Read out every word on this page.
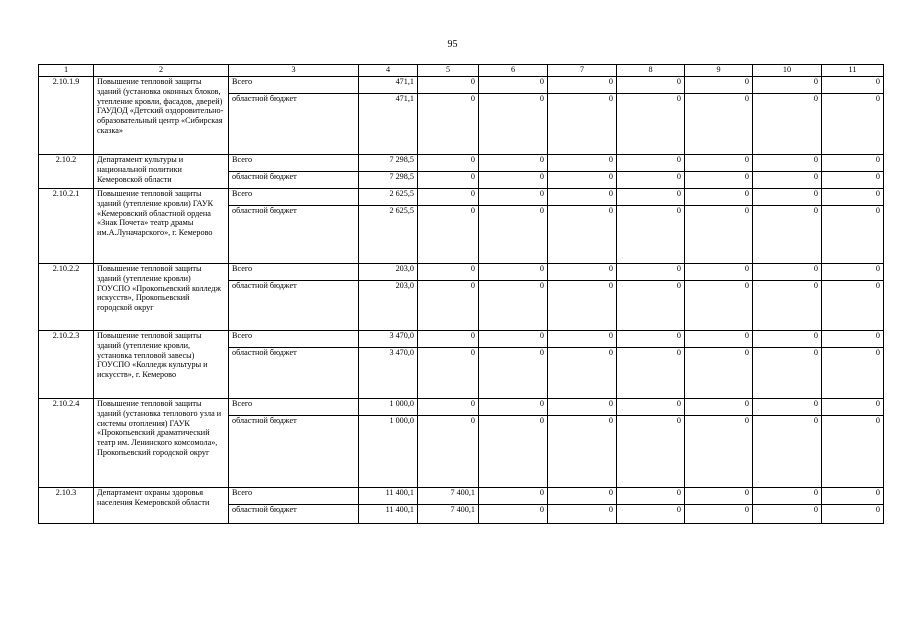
95
1	2	3	4	5	6	7	8	9	10	11
2.10.1.9	Повышение тепловой защиты зданий (установка оконных блоков, утепление кровли, фасадов, дверей) ГАУДОД «Детский оздоровительно-образовательный центр «Сибирская сказка»	Всего	471,1	0	0	0	0	0	0	0
		областной бюджет	471,1	0	0	0	0	0	0	0
2.10.2	Департамент культуры и национальной политики Кемеровской области	Всего	7 298,5	0	0	0	0	0	0	0
		областной бюджет	7 298,5	0	0	0	0	0	0	0
2.10.2.1	Повышение тепловой защиты зданий (утепление кровли) ГАУК «Кемеровский областной ордена «Знак Почета» театр драмы им.А.Луначарского», г. Кемерово	Всего	2 625,5	0	0	0	0	0	0	0
		областной бюджет	2 625,5	0	0	0	0	0	0	0
2.10.2.2	Повышение тепловой защиты зданий (утепление кровли) ГОУСПО «Прокопьевский колледж искусств», Прокопьевский городской округ	Всего	203,0	0	0	0	0	0	0	0
		областной бюджет	203,0	0	0	0	0	0	0	0
2.10.2.3	Повышение тепловой защиты зданий (утепление кровли, установка тепловой завесы) ГОУСПО «Колледж культуры и искусств», г. Кемерово	Всего	3 470,0	0	0	0	0	0	0	0
		областной бюджет	3 470,0	0	0	0	0	0	0	0
2.10.2.4	Повышение тепловой защиты зданий (установка теплового узла и системы отопления) ГАУК «Прокопьевский драматический театр им. Ленинского комсомола», Прокопьевский городской округ	Всего	1 000,0	0	0	0	0	0	0	0
		областной бюджет	1 000,0	0	0	0	0	0	0	0
2.10.3	Департамент охраны здоровья населения Кемеровской области	Всего	11 400,1	7 400,1	0	0	0	0	0	0
		областной бюджет	11 400,1	7 400,1	0	0	0	0	0	0
